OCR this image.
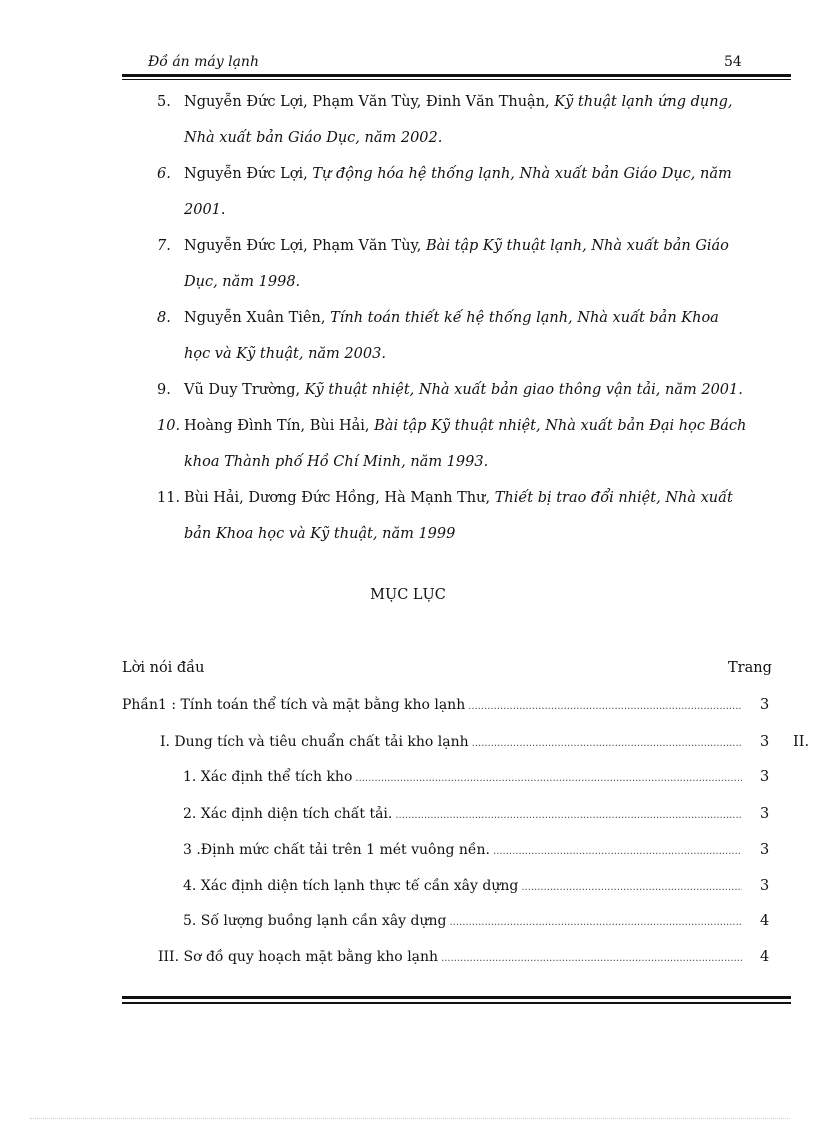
Đồ án máy lạnh	54
5. Nguyễn Đức Lợi, Phạm Văn Tùy, Đinh Văn Thuận, Kỹ thuật lạnh ứng dụng, Nhà xuất bản Giáo Dục, năm 2002.
6. Nguyễn Đức Lợi, Tự động hóa hệ thống lạnh, Nhà xuất bản Giáo Dục, năm 2001.
7. Nguyễn Đức Lợi, Phạm Văn Tùy, Bài tập Kỹ thuật lạnh, Nhà xuất bản Giáo Dục, năm 1998.
8. Nguyễn Xuân Tiên, Tính toán thiết kế hệ thống lạnh, Nhà xuất bản Khoa học và Kỹ thuật, năm 2003.
9. Vũ Duy Trường, Kỹ thuật nhiệt, Nhà xuất bản giao thông vận tải, năm 2001.
10. Hoàng Đình Tín, Bùi Hải, Bài tập Kỹ thuật nhiệt, Nhà xuất bản Đại học Bách khoa Thành phố Hồ Chí Minh, năm 1993.
11. Bùi Hải, Dương Đức Hồng, Hà Mạnh Thư, Thiết bị trao đổi nhiệt, Nhà xuất bản Khoa học và Kỹ thuật, năm 1999
MỤC LỤC
Lời nói đầu	Trang
Phần1 : Tính toán thể tích và mặt bằng kho lạnh .....	3
I. Dung tích và tiêu chuẩn chất tải kho lạnh .....	3 II.
1. Xác định thể tích kho .....	3
2. Xác định diện tích chất tải. .....	3
3 .Định mức chất tải trên 1 mét vuông nền. .....	3
4. Xác định diện tích lạnh thực tế cần xây dựng .....	3
5. Số lượng buồng lạnh cần xây dựng .....	4
III. Sơ đồ quy hoạch mặt bằng kho lạnh .....	4
